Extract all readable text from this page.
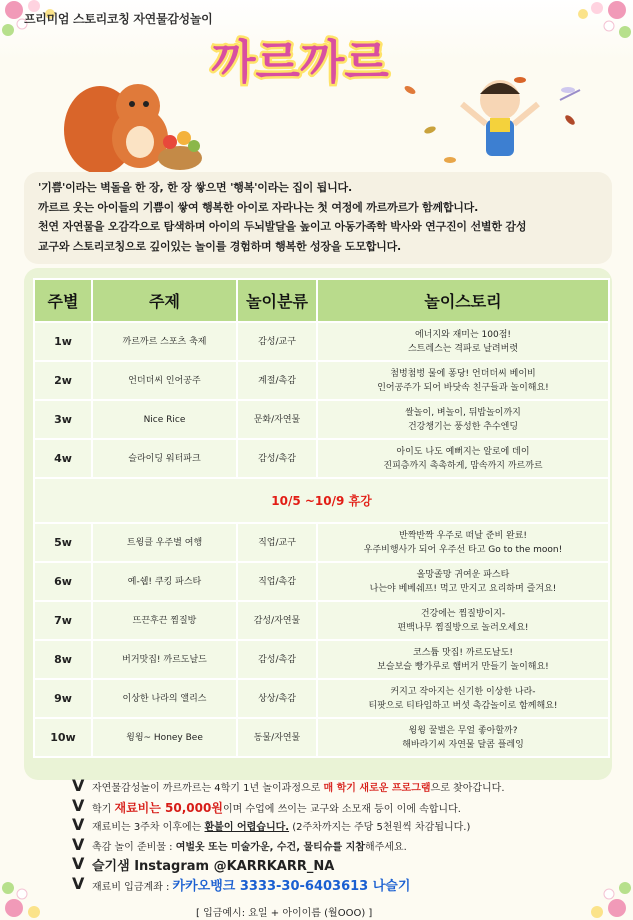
프리미엄 스토리코칭 자연물감성놀이
까르까르

'기쁨'이라는 벽돌을 한 장, 한 장 쌓으면 '행복'이라는 집이 됩니다.

까르르 웃는 아이들의 기쁨이 쌓여 행복한 아이로 자라나는 첫 여정에 까르까르가 함께합니다.

천연 자연물을 오감각으로 탐색하며 아이의 두뇌발달을 높이고 아동가족학 박사와 연구진이 선별한 감성

교구와 스토리코칭으로 깊이있는 놀이를 경험하며 행복한 성장을 도모합니다.

주별	주제	놀이분류	놀이스토리
1w	까르까르 스포츠 축제	감성/교구	에너지와 재미는 100점!
스트레스는 격파로 날려버렷

2w	언더더씨 인어공주	계절/촉감	첨벙첨벙 물에 퐁당! 언더더씨 베이비
인어공주가 되어 바닷속 친구들과 놀이해요!

3w	Nice Rice	문화/자연물	쌀놀이, 벼놀이, 뒤밥놀이까지
건강챙기는 풍성한 추수엔딩

4w	슬라이딩 워터파크	감성/촉감	아이도 나도 예뻐지는 알로에 데이
진피층까지 촉촉하게, 맘속까지 까르까르

10/5 ~10/9 휴강			
5w	트윙클 우주별 여행	직업/교구	반짝반짝 우주로 떠날 준비 완료!
우주비행사가 되어 우주선 타고 Go to the moon!

6w	예-쉡! 쿠킹 파스타	직업/촉감	올망졸망 귀여운 파스타
나는야 베베쉐프! 먹고 만지고 요리하며 즐겨요!

7w	뜨끈후끈 찜질방	감성/자연물	건강에는 찜질방이지-
편백나무 찜질방으로 놀러오세요!

8w	버거맛집! 까르도날드	감성/촉감	코스튬 맛집! 까르도날도!
보슬보슬 빵가루로 햄버거 만들기 놀이해요!

9w	이상한 나라의 앨리스	상상/촉감	커지고 작아지는 신기한 이상한 나라-
티팟으로 티타임하고 버섯 촉감놀이로 함께해요!

10w	윙윙~ Honey Bee	동물/자연물	윙윙 꿀벌은 무얼 좋아할까?
해바라기씨 자연물 달콤 플레잉
V 자연물감성놀이 까르까르는 4학기 1년 놀이과정으로 매 학기 새로운 프로그램으로 찾아갑니다.
V 학기 재료비는 50,000원이며 수업에 쓰이는 교구와 소모재 등이 이에 속합니다.
V 재료비는 3주차 이후에는 환불이 어렵습니다. (2주차까지는 주당 5천원씩 차감됩니다.)
V 촉감 놀이 준비물 : 여벌옷 또는 미술가운, 수건, 물티슈를 지참해주세요.
V 슬기샘 Instagram @KARRKARR_NA
V 재료비 입금계좌 : 카카오뱅크 3333-30-6403613 나슬기
[ 입금예시: 요일 + 아이이름 (월OOO) ]
